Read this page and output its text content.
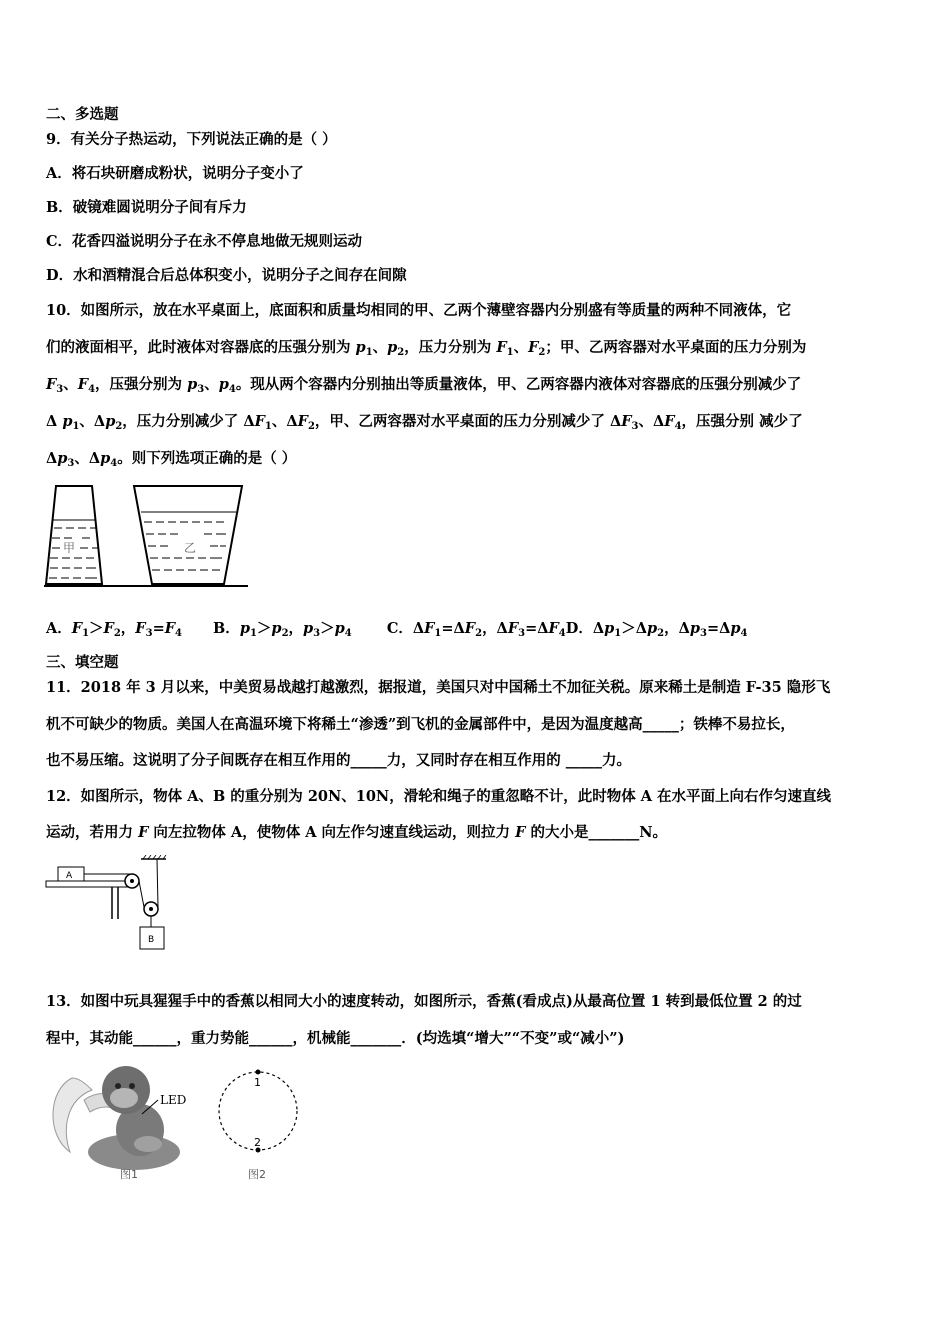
二、多选题
9．有关分子热运动，下列说法正确的是（ ）
A．将石块研磨成粉状，说明分子变小了
B．破镜难圆说明分子间有斥力
C．花香四溢说明分子在永不停息地做无规则运动
D．水和酒精混合后总体积变小，说明分子之间存在间隙
10．如图所示，放在水平桌面上，底面积和质量均相同的甲、乙两个薄壁容器内分别盛有等质量的两种不同液体，它
们的液面相平，此时液体对容器底的压强分别为 $p_1$、$p_2$，压力分别为 $F_1$、$F_2$；甲、乙两容器对水平桌面的压力分别为
$F_3$、$F_4$，压强分别为 $p_3$、$p_4$。现从两个容器内分别抽出等质量液体，甲、乙两容器内液体对容器底的压强分别减少了
Δ $p_1$、$\Delta p_2$，压力分别减少了 $\Delta F_1$、$\Delta F_2$，甲、乙两容器对水平桌面的压力分别减少了 $\Delta F_3$、$\Delta F_4$，压强分别 减少了
$\Delta p_3$、$\Delta p_4$。则下列选项正确的是（ ）
甲	乙
A．$F_1>F_2$，$F_3=F_4$ B．$p_1>p_2$，$p_3>p_4$ C．$\Delta F_1=\Delta F_2$，$\Delta F_3=\Delta F_4D$．$\Delta p_1>\Delta p_2$，$\Delta p_3=\Delta p_4$
三、填空题
11．2018 年 3 月以来，中美贸易战越打越激烈，据报道，美国只对中国稀土不加征关税。原来稀土是制造 F-35 隐形飞
机不可缺少的物质。美国人在高温环境下将稀土“渗透”到飞机的金属部件中，是因为温度越高_____；铁棒不易拉长，
也不易压缩。这说明了分子间既存在相互作用的_____力，又同时存在相互作用的 _____力。
12．如图所示，物体 A、B 的重分别为 20N、10N，滑轮和绳子的重忽略不计，此时物体 A 在水平面上向右作匀速直线
运动，若用力 F 向左拉物体 A，使物体 A 向左作匀速直线运动，则拉力 F 的大小是_______N。
A
B
13．如图中玩具猩猩手中的香蕉以相同大小的速度转动，如图所示，香蕉(看成点)从最高位置 1 转到最低位置 2 的过
程中，其动能______，重力势能______，机械能_______．(均选填“增大”“不变”或“减小”)
LED
图1
1
2
图2
